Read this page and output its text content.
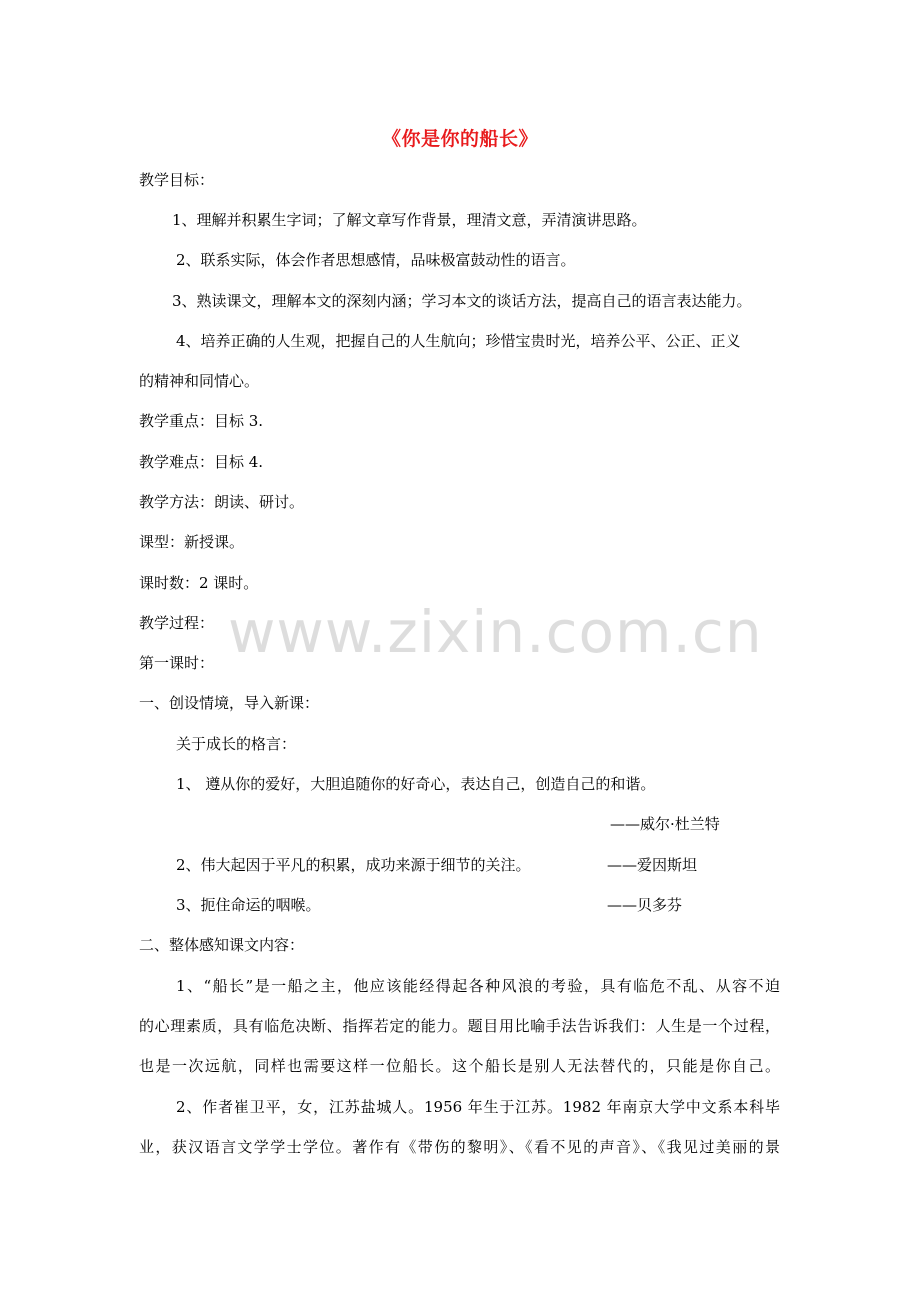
《你是你的船长》
教学目标：
1、理解并积累生字词；了解文章写作背景，理清文意，弄清演讲思路。
2、联系实际，体会作者思想感情，品味极富鼓动性的语言。
3、熟读课文，理解本文的深刻内涵；学习本文的谈话方法，提高自己的语言表达能力。
4、培养正确的人生观，把握自己的人生航向；珍惜宝贵时光，培养公平、公正、正义
的精神和同情心。
教学重点：目标 3.
教学难点：目标 4.
教学方法：朗读、研讨。
课型：新授课。
课时数：2 课时。
教学过程：
第一课时：
一、创设情境，导入新课：
关于成长的格言：
1、 遵从你的爱好，大胆追随你的好奇心，表达自己，创造自己的和谐。
——威尔·杜兰特
2、伟大起因于平凡的积累，成功来源于细节的关注。	——爱因斯坦
3、扼住命运的咽喉。	——贝多芬
二、整体感知课文内容：
1、“船长”是一船之主，他应该能经得起各种风浪的考验，具有临危不乱、从容不迫
的心理素质，具有临危决断、指挥若定的能力。题目用比喻手法告诉我们：人生是一个过程，
也是一次远航，同样也需要这样一位船长。这个船长是别人无法替代的，只能是你自己。
2、作者崔卫平，女，江苏盐城人。1956 年生于江苏。1982 年南京大学中文系本科毕
业，获汉语言文学学士学位。著作有《带伤的黎明》、《看不见的声音》、《我见过美丽的景
www.zixin.com.cn
